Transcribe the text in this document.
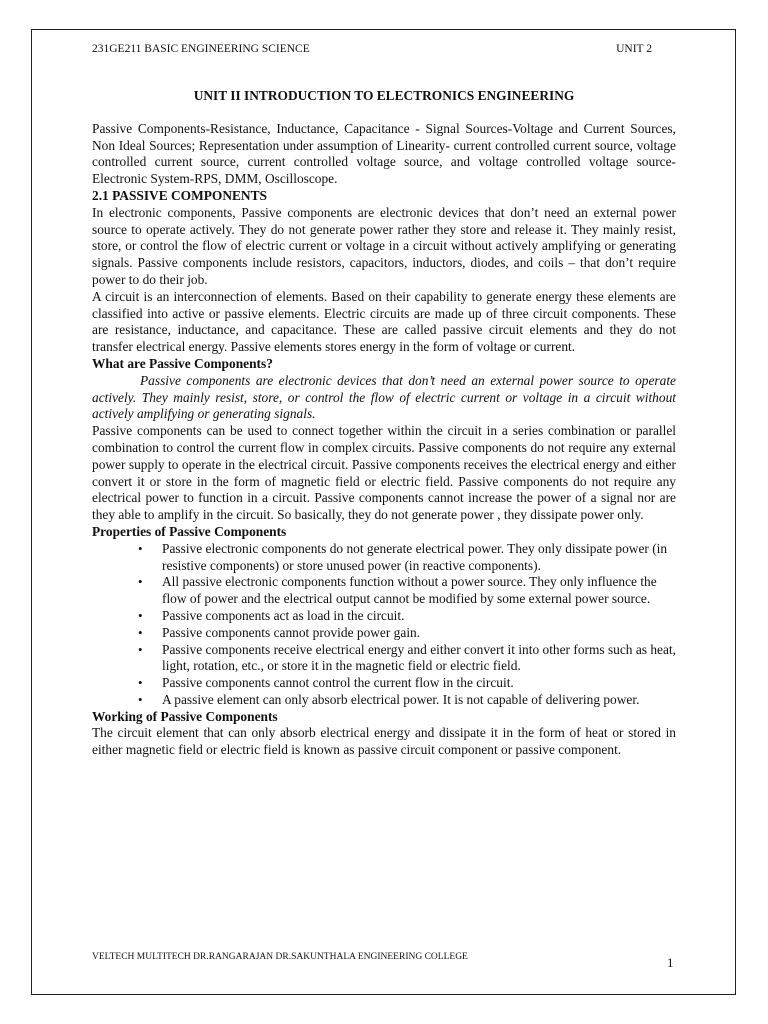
231GE211 BASIC ENGINEERING SCIENCE	UNIT 2
UNIT II INTRODUCTION TO ELECTRONICS ENGINEERING

Passive Components-Resistance, Inductance, Capacitance - Signal Sources-Voltage and Current Sources, Non Ideal Sources; Representation under assumption of Linearity- current controlled current source, voltage controlled current source, current controlled voltage source, and voltage controlled voltage source-Electronic System-RPS, DMM, Oscilloscope.

2.1 PASSIVE COMPONENTS

In electronic components, Passive components are electronic devices that don’t need an external power source to operate actively. They do not generate power rather they store and release it. They mainly resist, store, or control the flow of electric current or voltage in a circuit without actively amplifying or generating signals. Passive components include resistors, capacitors, inductors, diodes, and coils – that don’t require power to do their job.

A circuit is an interconnection of elements. Based on their capability to generate energy these elements are classified into active or passive elements. Electric circuits are made up of three circuit components. These are resistance, inductance, and capacitance. These are called passive circuit elements and they do not transfer electrical energy. Passive elements stores energy in the form of voltage or current.

What are Passive Components?

Passive components are electronic devices that don’t need an external power source to operate actively. They mainly resist, store, or control the flow of electric current or voltage in a circuit without actively amplifying or generating signals.

Passive components can be used to connect together within the circuit in a series combination or parallel combination to control the current flow in complex circuits. Passive components do not require any external power supply to operate in the electrical circuit. Passive components receives the electrical energy and either convert it or store in the form of magnetic field or electric field. Passive components do not require any electrical power to function in a circuit. Passive components cannot increase the power of a signal nor are they able to amplify in the circuit. So basically, they do not generate power , they dissipate power only.

Properties of Passive Components
• Passive electronic components do not generate electrical power. They only dissipate power (in resistive components) or store unused power (in reactive components).
• All passive electronic components function without a power source. They only influence the flow of power and the electrical output cannot be modified by some external power source.
• Passive components act as load in the circuit.
• Passive components cannot provide power gain.
• Passive components receive electrical energy and either convert it into other forms such as heat, light, rotation, etc., or store it in the magnetic field or electric field.
• Passive components cannot control the current flow in the circuit.
• A passive element can only absorb electrical power. It is not capable of delivering power.
Working of Passive Components

The circuit element that can only absorb electrical energy and dissipate it in the form of heat or stored in either magnetic field or electric field is known as passive circuit component or passive component.

VELTECH MULTITECH DR.RANGARAJAN DR.SAKUNTHALA ENGINEERING COLLEGE	1
